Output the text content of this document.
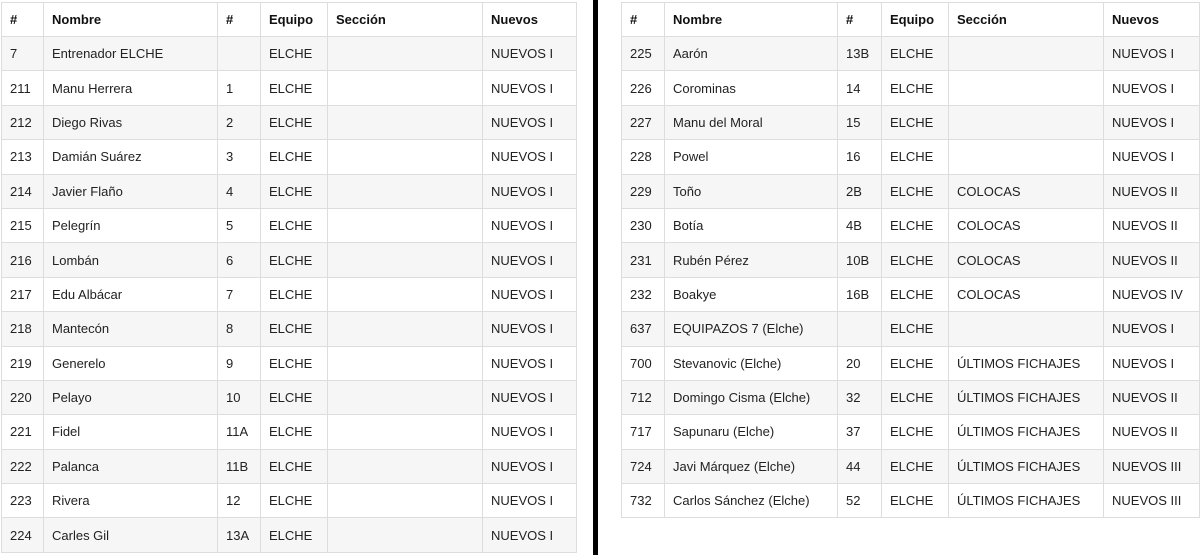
#	Nombre	#	Equipo	Sección	Nuevos
7	Entrenador ELCHE		ELCHE		NUEVOS I
211	Manu Herrera	1	ELCHE		NUEVOS I
212	Diego Rivas	2	ELCHE		NUEVOS I
213	Damián Suárez	3	ELCHE		NUEVOS I
214	Javier Flaño	4	ELCHE		NUEVOS I
215	Pelegrín	5	ELCHE		NUEVOS I
216	Lombán	6	ELCHE		NUEVOS I
217	Edu Albácar	7	ELCHE		NUEVOS I
218	Mantecón	8	ELCHE		NUEVOS I
219	Generelo	9	ELCHE		NUEVOS I
220	Pelayo	10	ELCHE		NUEVOS I
221	Fidel	11A	ELCHE		NUEVOS I
222	Palanca	11B	ELCHE		NUEVOS I
223	Rivera	12	ELCHE		NUEVOS I
224	Carles Gil	13A	ELCHE		NUEVOS I
#	Nombre	#	Equipo	Sección	Nuevos
225	Aarón	13B	ELCHE		NUEVOS I
226	Corominas	14	ELCHE		NUEVOS I
227	Manu del Moral	15	ELCHE		NUEVOS I
228	Powel	16	ELCHE		NUEVOS I
229	Toño	2B	ELCHE	COLOCAS	NUEVOS II
230	Botía	4B	ELCHE	COLOCAS	NUEVOS II
231	Rubén Pérez	10B	ELCHE	COLOCAS	NUEVOS II
232	Boakye	16B	ELCHE	COLOCAS	NUEVOS IV
637	EQUIPAZOS 7 (Elche)		ELCHE		NUEVOS I
700	Stevanovic (Elche)	20	ELCHE	ÚLTIMOS FICHAJES	NUEVOS I
712	Domingo Cisma (Elche)	32	ELCHE	ÚLTIMOS FICHAJES	NUEVOS II
717	Sapunaru (Elche)	37	ELCHE	ÚLTIMOS FICHAJES	NUEVOS II
724	Javi Márquez (Elche)	44	ELCHE	ÚLTIMOS FICHAJES	NUEVOS III
732	Carlos Sánchez (Elche)	52	ELCHE	ÚLTIMOS FICHAJES	NUEVOS III
